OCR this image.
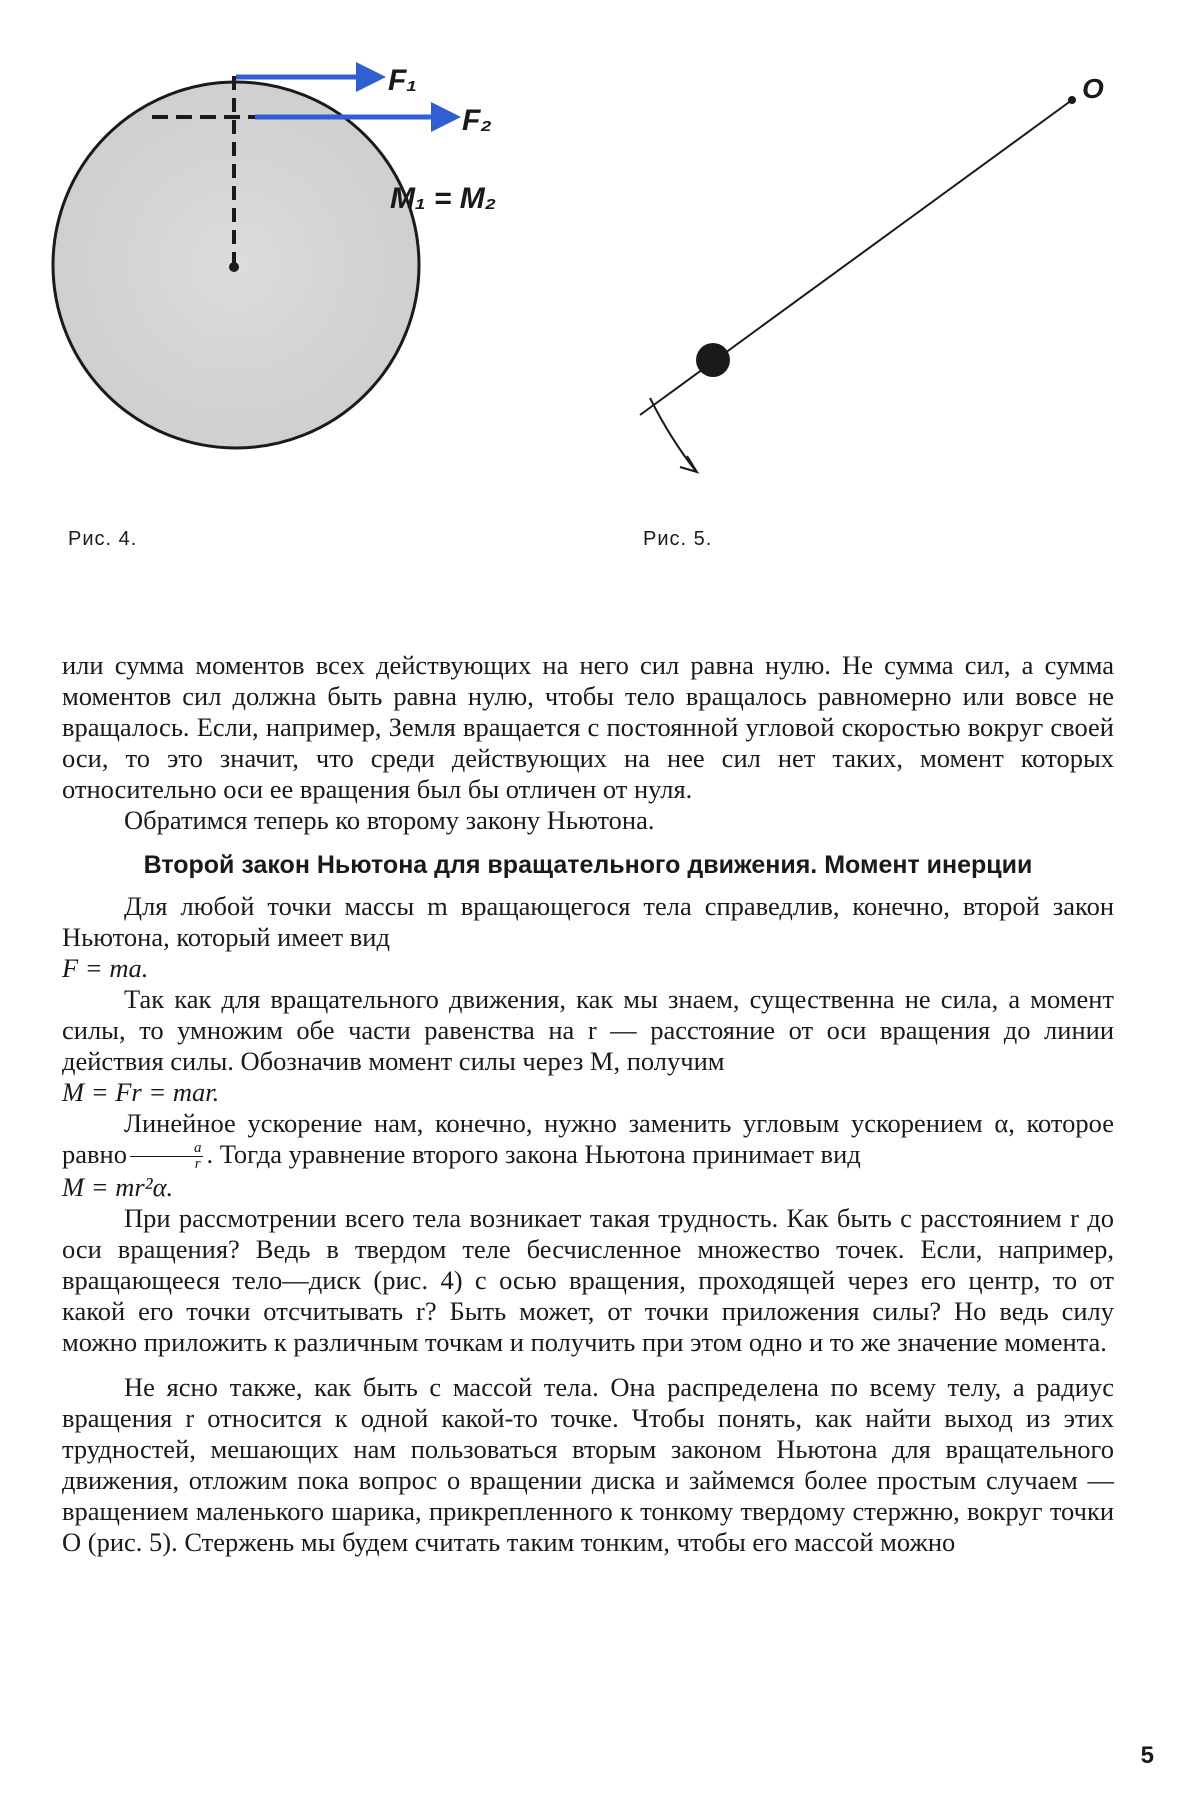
F₁
F₂
M₁ = M₂
Рис. 4.
O
Рис. 5.

или сумма моментов всех действующих на него сил равна нулю. Не сумма сил, а сумма моментов сил должна быть равна нулю, чтобы тело вращалось равномерно или вовсе не вращалось. Если, например, Земля вращается с постоянной угловой скоростью вокруг своей оси, то это значит, что среди действующих на нее сил нет таких, момент которых относительно оси ее вращения был бы отличен от нуля.

Обратимся теперь ко второму закону Ньютона.

Второй закон Ньютона для вращательного движения. Момент инерции

Для любой точки массы m вращающегося тела справедлив, конечно, второй закон Ньютона, который имеет вид

F = ma.

Так как для вращательного движения, как мы знаем, существенна не сила, а момент силы, то умножим обе части равенства на r — расстояние от оси вращения до линии действия силы. Обозначив момент силы через M, получим

M = Fr = mar.

Линейное ускорение нам, конечно, нужно заменить угловым ускорением α, которое равно $\frac{a}{r}$ . Тогда уравнение второго закона Ньютона принимает вид

M = mr²α.

При рассмотрении всего тела возникает такая трудность. Как быть с расстоянием r до оси вращения? Ведь в твердом теле бесчисленное множество точек. Если, например, вращающееся тело—диск (рис. 4) с осью вращения, проходящей через его центр, то от какой его точки отсчитывать r? Быть может, от точки приложения силы? Но ведь силу можно приложить к различным точкам и получить при этом одно и то же значение момента.

Не ясно также, как быть с массой тела. Она распределена по всему телу, а радиус вращения r относится к одной какой-то точке. Чтобы понять, как найти выход из этих трудностей, мешающих нам пользоваться вторым законом Ньютона для вращательного движения, отложим пока вопрос о вращении диска и займемся более простым случаем — вращением маленького шарика, прикрепленного к тонкому твердому стержню, вокруг точки O (рис. 5). Стержень мы будем считать таким тонким, чтобы его массой можно

5
